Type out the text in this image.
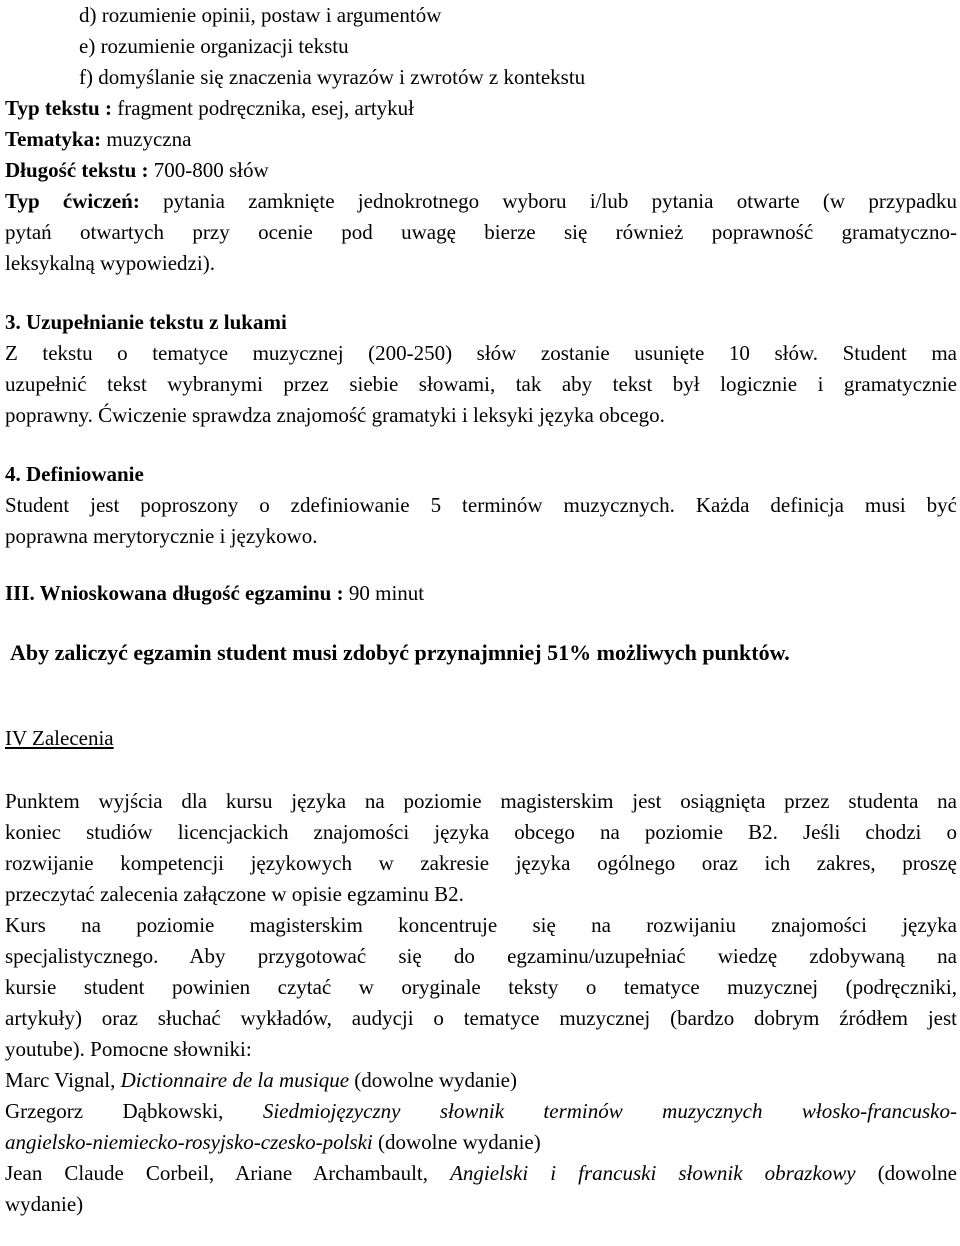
d) rozumienie opinii, postaw i argumentów
e) rozumienie organizacji tekstu
f) domyślanie się znaczenia wyrazów i zwrotów z kontekstu
Typ tekstu : fragment podręcznika, esej, artykuł
Tematyka: muzyczna
Długość tekstu : 700-800 słów
Typ ćwiczeń: pytania zamknięte jednokrotnego wyboru i/lub pytania otwarte (w przypadku
pytań otwartych przy ocenie pod uwagę bierze się również poprawność gramatyczno-
leksykalną wypowiedzi).
3. Uzupełnianie tekstu z lukami
Z tekstu o tematyce muzycznej (200-250) słów zostanie usunięte 10 słów. Student ma
uzupełnić tekst wybranymi przez siebie słowami, tak aby tekst był logicznie i gramatycznie
poprawny. Ćwiczenie sprawdza znajomość gramatyki i leksyki języka obcego.
4. Definiowanie
Student jest poproszony o zdefiniowanie 5 terminów muzycznych. Każda definicja musi być
poprawna merytorycznie i językowo.
III. Wnioskowana długość egzaminu : 90 minut
Aby zaliczyć egzamin student musi zdobyć przynajmniej 51% możliwych punktów.
IV Zalecenia
Punktem wyjścia dla kursu języka na poziomie magisterskim jest osiągnięta przez studenta na
koniec studiów licencjackich znajomości języka obcego na poziomie B2. Jeśli chodzi o
rozwijanie kompetencji językowych w zakresie języka ogólnego oraz ich zakres, proszę
przeczytać zalecenia załączone w opisie egzaminu B2.
Kurs na poziomie magisterskim koncentruje się na rozwijaniu znajomości języka
specjalistycznego. Aby przygotować się do egzaminu/uzupełniać wiedzę zdobywaną na
kursie student powinien czytać w oryginale teksty o tematyce muzycznej (podręczniki,
artykuły) oraz słuchać wykładów, audycji o tematyce muzycznej (bardzo dobrym źródłem jest
youtube). Pomocne słowniki:
Marc Vignal, Dictionnaire de la musique (dowolne wydanie)
Grzegorz Dąbkowski, Siedmiojęzyczny słownik terminów muzycznych włosko-francusko-
angielsko-niemiecko-rosyjsko-czesko-polski (dowolne wydanie)
Jean Claude Corbeil, Ariane Archambault, Angielski i francuski słownik obrazkowy (dowolne
wydanie)
